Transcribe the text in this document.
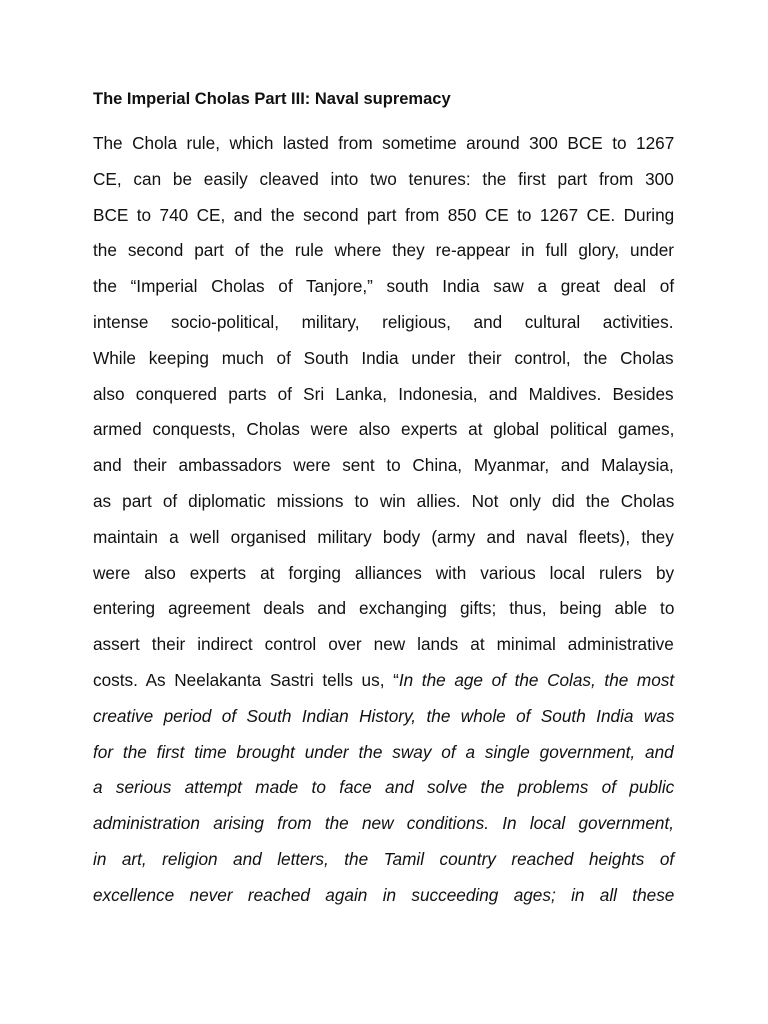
The Imperial Cholas Part III: Naval supremacy
The Chola rule, which lasted from sometime around 300 BCE to 1267
CE, can be easily cleaved into two tenures: the first part from 300
BCE to 740 CE, and the second part from 850 CE to 1267 CE. During
the second part of the rule where they re-appear in full glory, under
the “Imperial Cholas of Tanjore,” south India saw a great deal of
intense socio-political, military, religious, and cultural activities.
While keeping much of South India under their control, the Cholas
also conquered parts of Sri Lanka, Indonesia, and Maldives. Besides
armed conquests, Cholas were also experts at global political games,
and their ambassadors were sent to China, Myanmar, and Malaysia,
as part of diplomatic missions to win allies. Not only did the Cholas
maintain a well organised military body (army and naval fleets), they
were also experts at forging alliances with various local rulers by
entering agreement deals and exchanging gifts; thus, being able to
assert their indirect control over new lands at minimal administrative
costs. As Neelakanta Sastri tells us, “In the age of the Colas, the most
creative period of South Indian History, the whole of South India was
for the first time brought under the sway of a single government, and
a serious attempt made to face and solve the problems of public
administration arising from the new conditions. In local government,
in art, religion and letters, the Tamil country reached heights of
excellence never reached again in succeeding ages; in all these
